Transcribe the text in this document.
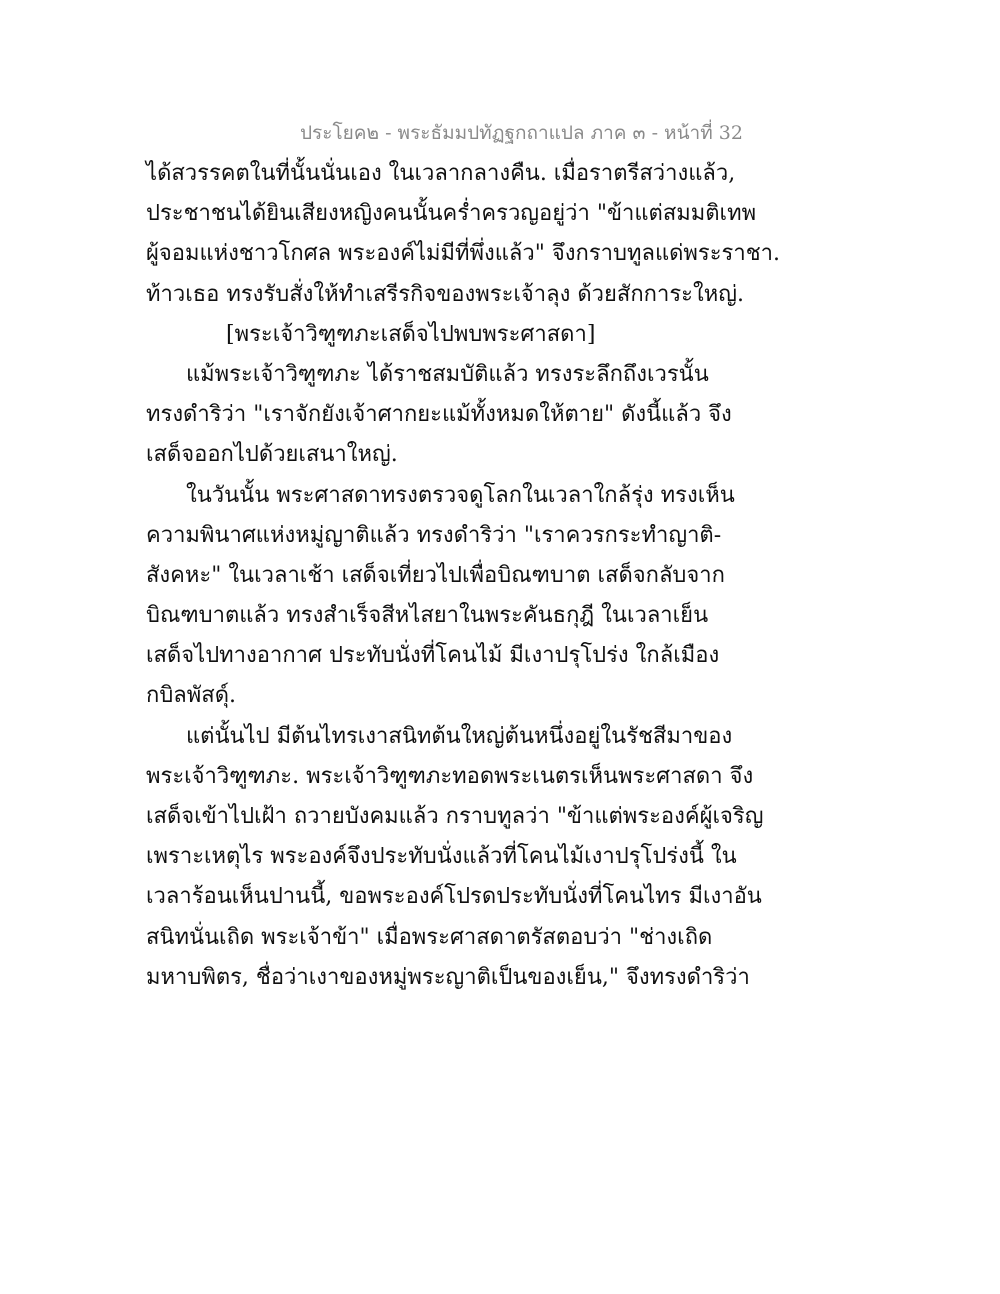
ประโยค๒ - พระธัมมปทัฏฐกถาแปล ภาค ๓ - หน้าที่ 32
ได้สวรรคตในที่นั้นนั่นเอง ในเวลากลางคืน. เมื่อราตรีสว่างแล้ว,
ประชาชนได้ยินเสียงหญิงคนนั้นคร่ำครวญอยู่ว่า "ข้าแต่สมมติเทพ
ผู้จอมแห่งชาวโกศล พระองค์ไม่มีที่พึ่งแล้ว" จึงกราบทูลแด่พระราชา.
ท้าวเธอ ทรงรับสั่งให้ทำเสรีรกิจของพระเจ้าลุง ด้วยสักการะใหญ่.
[พระเจ้าวิฑูฑภะเสด็จไปพบพระศาสดา]
แม้พระเจ้าวิฑูฑภะ ได้ราชสมบัติแล้ว ทรงระลึกถึงเวรนั้น
ทรงดำริว่า "เราจักยังเจ้าศากยะแม้ทั้งหมดให้ตาย" ดังนี้แล้ว จึง
เสด็จออกไปด้วยเสนาใหญ่.
ในวันนั้น พระศาสดาทรงตรวจดูโลกในเวลาใกล้รุ่ง ทรงเห็น
ความพินาศแห่งหมู่ญาติแล้ว ทรงดำริว่า "เราควรกระทำญาติ-
สังคหะ" ในเวลาเช้า เสด็จเที่ยวไปเพื่อบิณฑบาต เสด็จกลับจาก
บิณฑบาตแล้ว ทรงสำเร็จสีหไสยาในพระคันธกุฎี ในเวลาเย็น
เสด็จไปทางอากาศ ประทับนั่งที่โคนไม้ มีเงาปรุโปร่ง ใกล้เมือง
กบิลพัสดุ์.
แต่นั้นไป มีต้นไทรเงาสนิทต้นใหญ่ต้นหนึ่งอยู่ในรัชสีมาของ
พระเจ้าวิฑูฑภะ. พระเจ้าวิฑูฑภะทอดพระเนตรเห็นพระศาสดา จึง
เสด็จเข้าไปเฝ้า ถวายบังคมแล้ว กราบทูลว่า "ข้าแต่พระองค์ผู้เจริญ
เพราะเหตุไร พระองค์จึงประทับนั่งแล้วที่โคนไม้เงาปรุโปร่งนี้ ใน
เวลาร้อนเห็นปานนี้, ขอพระองค์โปรดประทับนั่งที่โคนไทร มีเงาอัน
สนิทนั่นเถิด พระเจ้าข้า" เมื่อพระศาสดาตรัสตอบว่า "ช่างเถิด
มหาบพิตร, ชื่อว่าเงาของหมู่พระญาติเป็นของเย็น," จึงทรงดำริว่า
